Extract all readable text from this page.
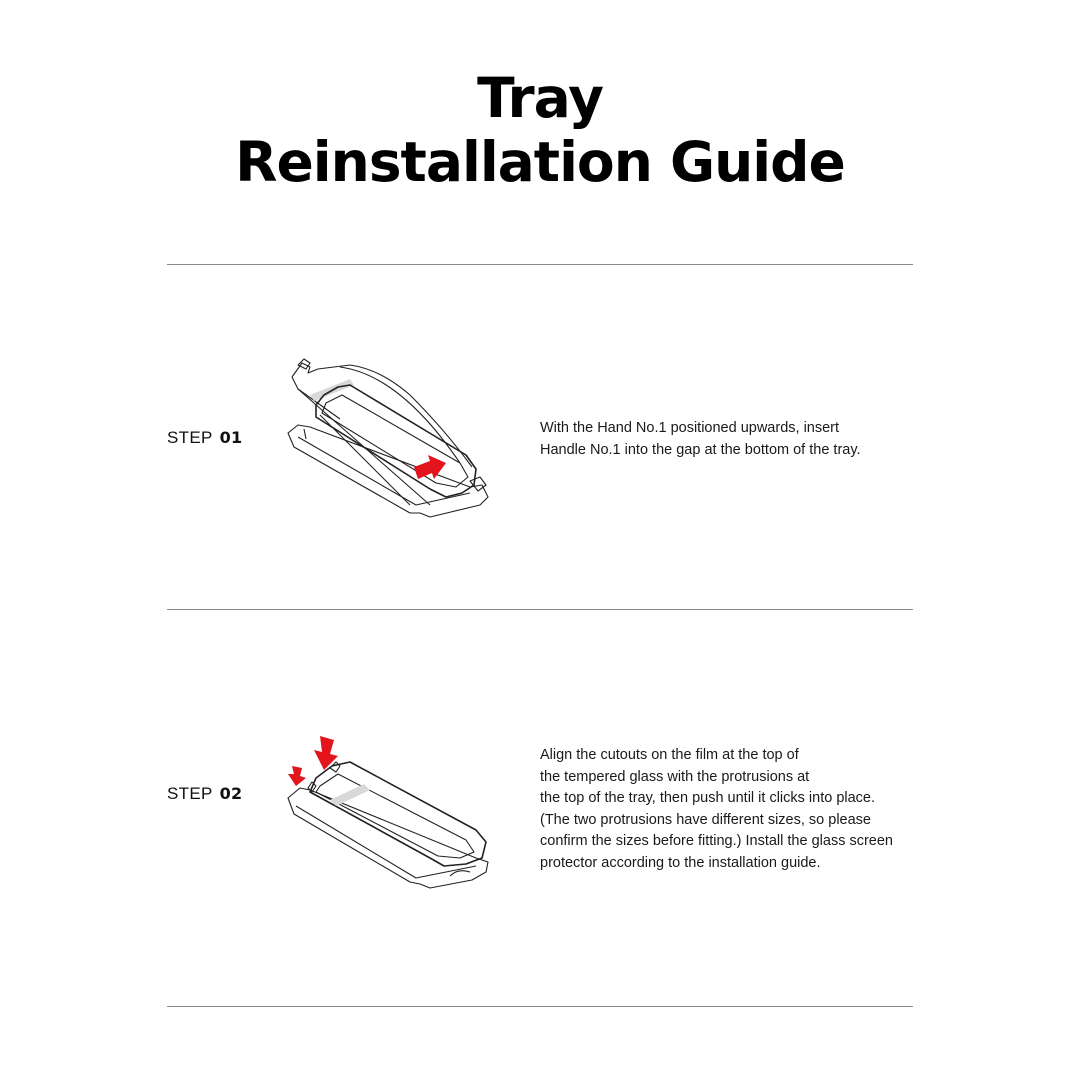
Tray
Reinstallation Guide
STEP 01	With the Hand No.1 positioned upwards, insert
Handle No.1 into the gap at the bottom of the tray.
STEP 02
Align the cutouts on the film at the top of
the tempered glass with the protrusions at
the top of the tray, then push until it clicks into place.
(The two protrusions have different sizes, so please
confirm the sizes before fitting.) Install the glass screen
protector according to the installation guide.
